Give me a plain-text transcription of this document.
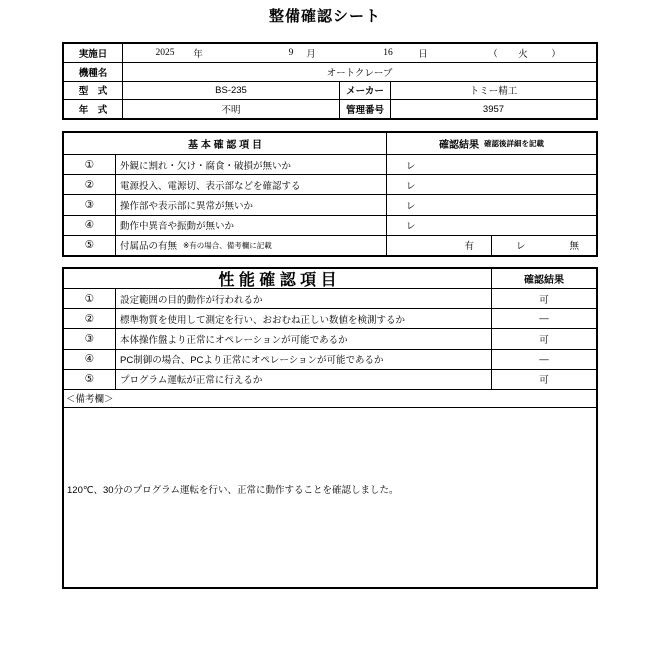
整備確認シート
実施日	2025 年	9 月	16	日	（ 火 ）
機種名	オートクレーブ
型　式	BS-235	メーカー	トミー精工
年　式	不明	管理番号	3957
基 本 確 認 項 目	確認結果 確認後詳細を記載
①	外観に割れ・欠け・腐食・破損が無いか	レ
②	電源投入、電源切、表示部などを確認する	レ
③	操作部や表示部に異常が無いか	レ
④	動作中異音や振動が無いか	レ
⑤	付属品の有無 ※有の場合、備考欄に記載	有	レ	無
性 能 確 認 項 目	確認結果
①	設定範囲の目的動作が行われるか	可
②	標準物質を使用して測定を行い、おおむね正しい数値を検測するか	―
③	本体操作盤より正常にオペレーションが可能であるか	可
④	PC制御の場合、PCより正常にオペレーションが可能であるか	―
⑤	プログラム運転が正常に行えるか	可
＜備考欄＞
120℃、30分のプログラム運転を行い、正常に動作することを確認しました。
